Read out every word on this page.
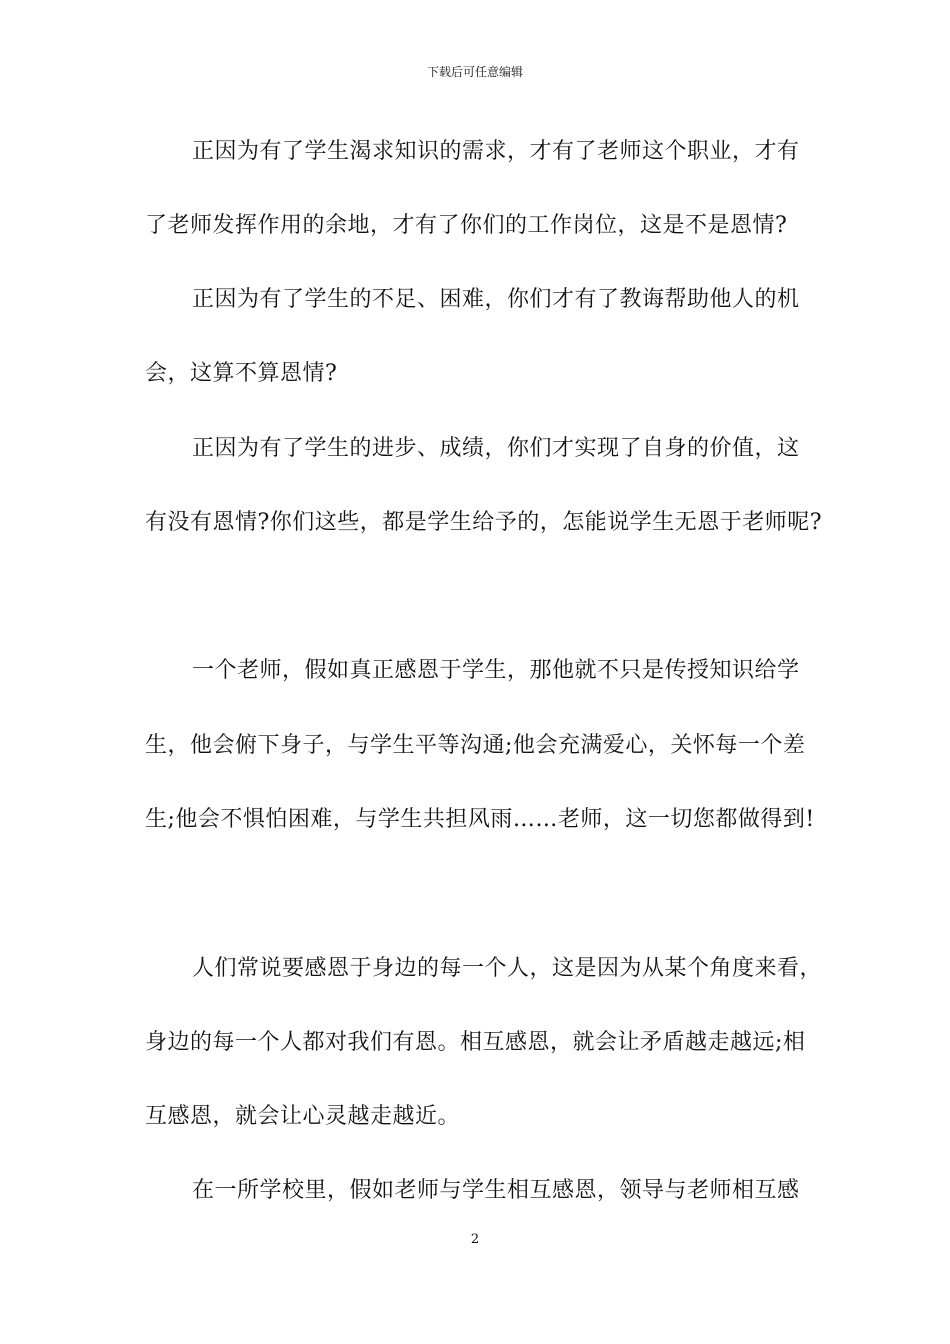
下载后可任意编辑
正因为有了学生渴求知识的需求，才有了老师这个职业，才有
了老师发挥作用的余地，才有了你们的工作岗位，这是不是恩情?
正因为有了学生的不足、困难，你们才有了教诲帮助他人的机
会，这算不算恩情?
正因为有了学生的进步、成绩，你们才实现了自身的价值，这
有没有恩情?你们这些，都是学生给予的，怎能说学生无恩于老师呢?
一个老师，假如真正感恩于学生，那他就不只是传授知识给学
生，他会俯下身子，与学生平等沟通;他会充满爱心，关怀每一个差
生;他会不惧怕困难，与学生共担风雨……老师，这一切您都做得到!
人们常说要感恩于身边的每一个人，这是因为从某个角度来看，
身边的每一个人都对我们有恩。相互感恩，就会让矛盾越走越远;相
互感恩，就会让心灵越走越近。
在一所学校里，假如老师与学生相互感恩，领导与老师相互感
2
